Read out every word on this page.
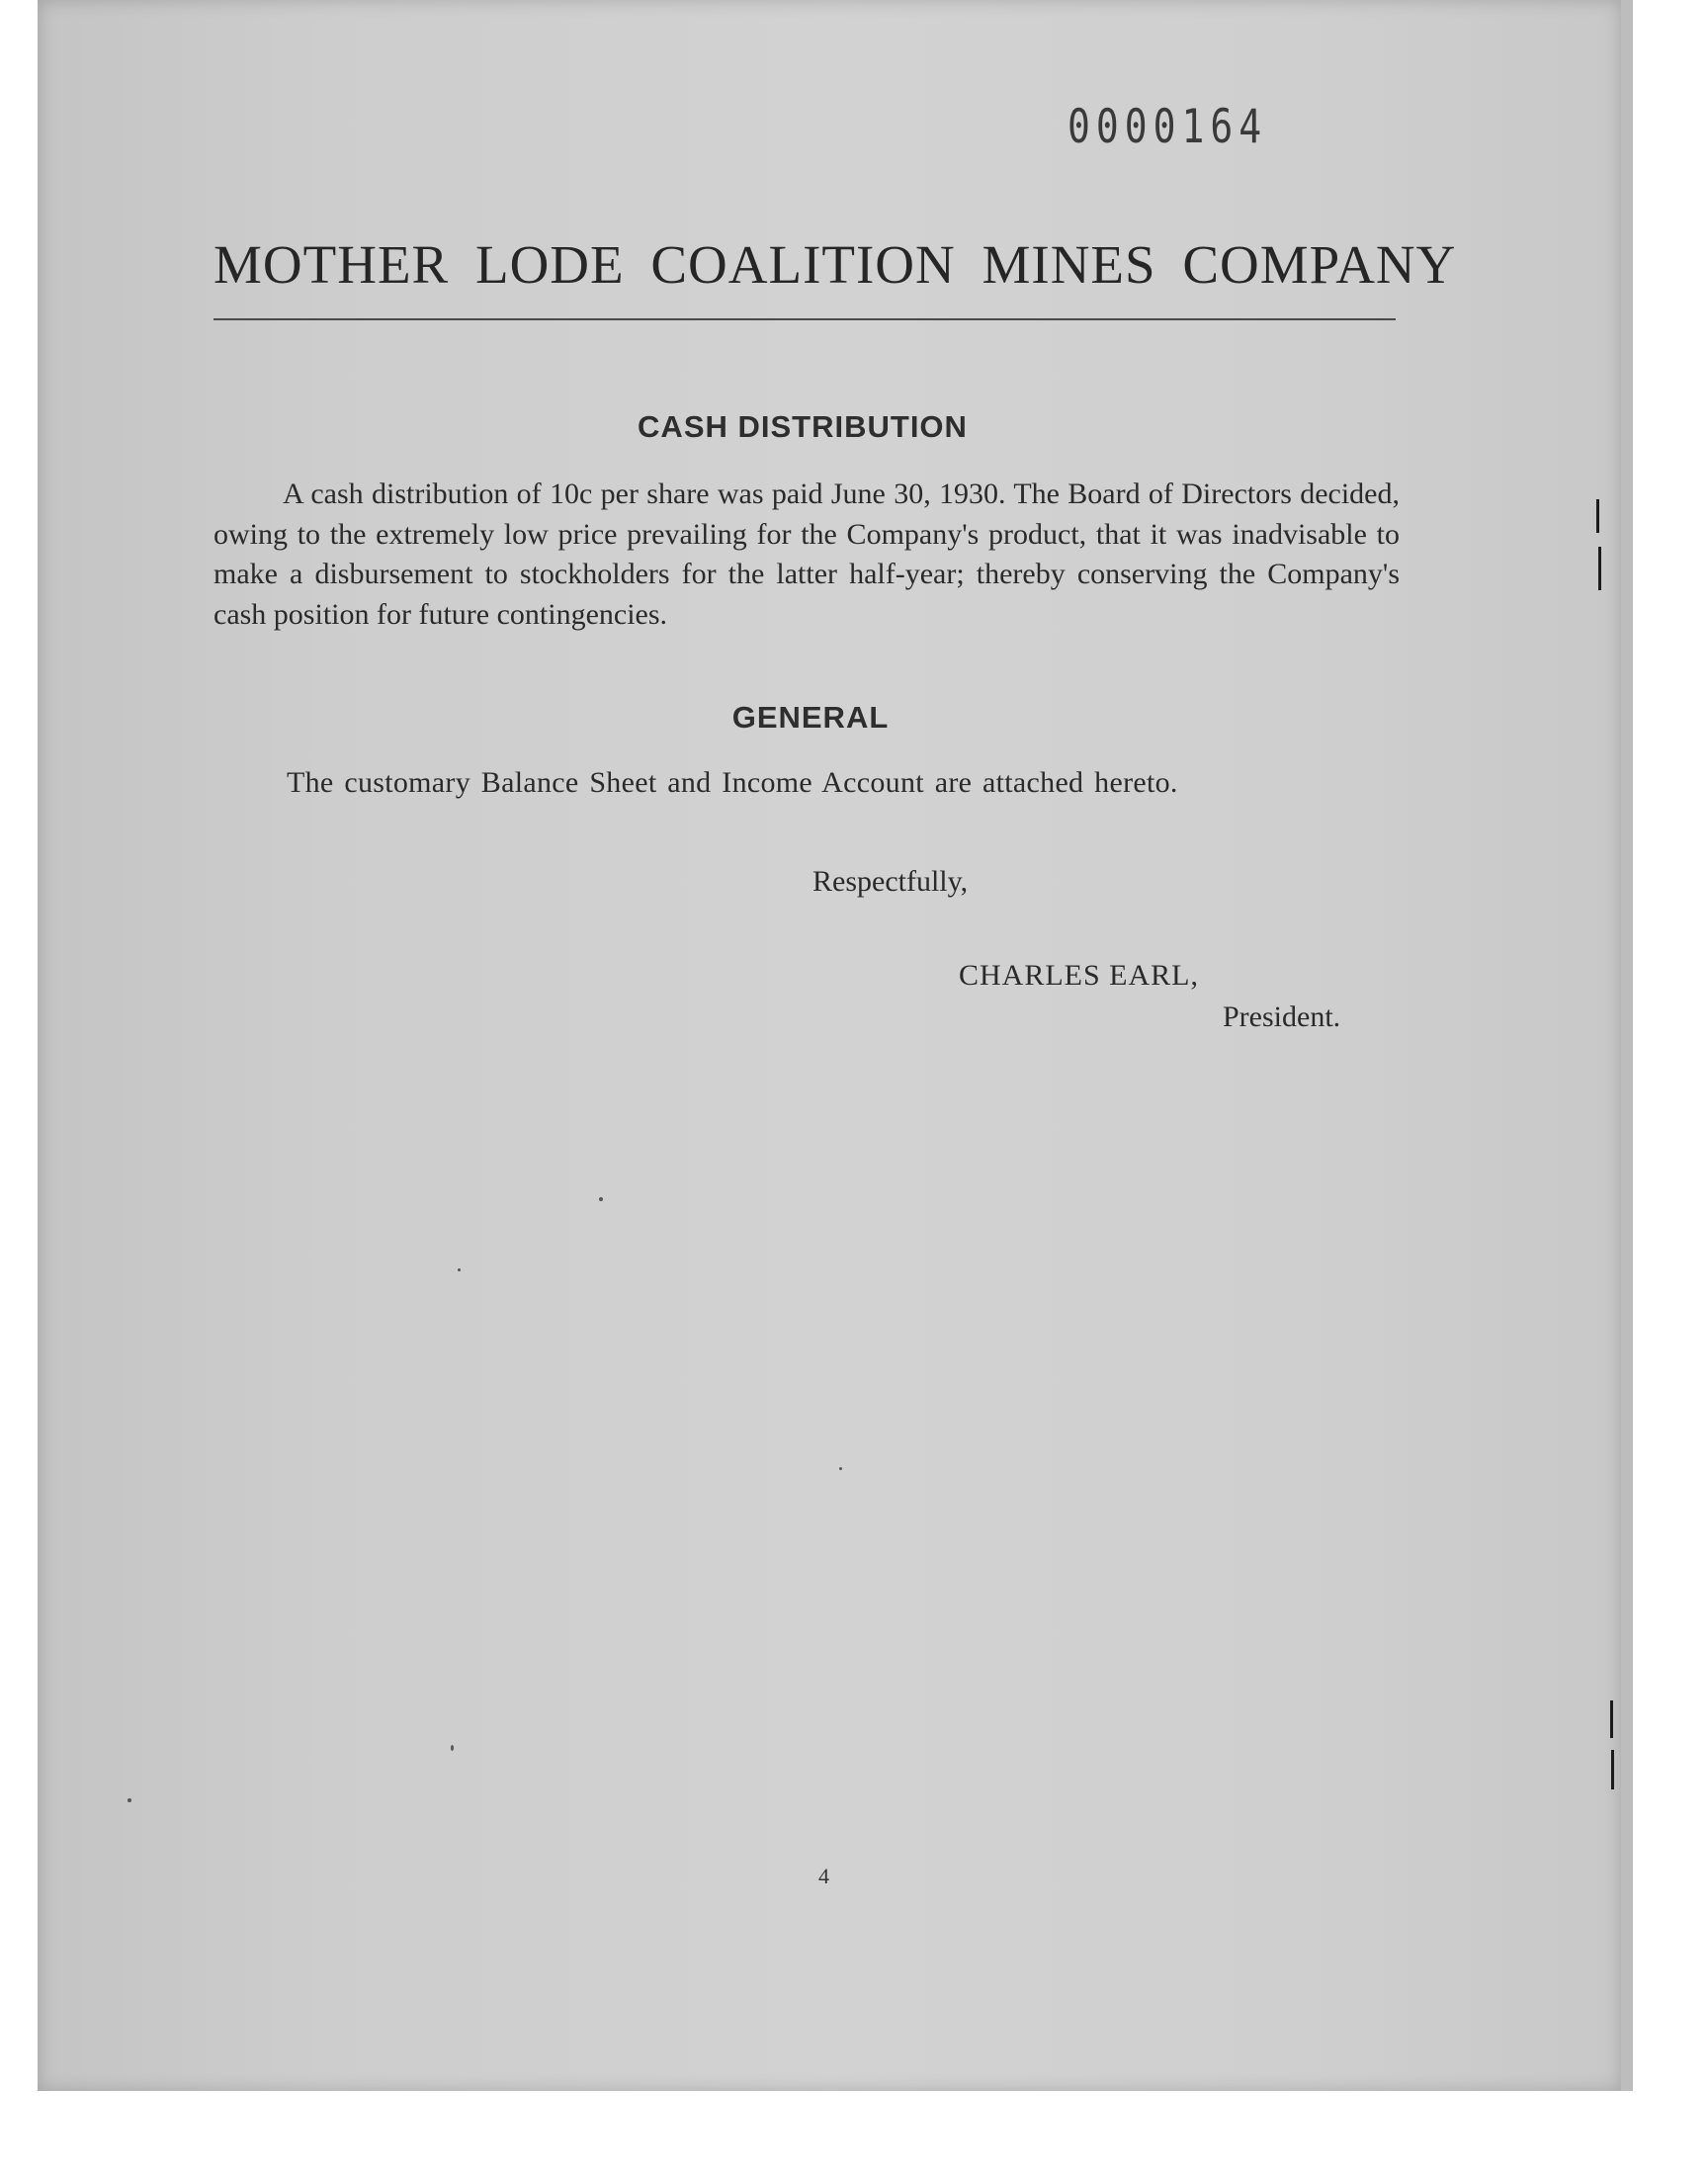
0000164
MOTHER LODE COALITION MINES COMPANY
CASH DISTRIBUTION

A cash distribution of 10c per share was paid June 30, 1930. The Board of Directors decided, owing to the extremely low price prevailing for the Company's product, that it was inadvisable to make a disbursement to stockholders for the latter half-year; thereby conserving the Company's cash position for future contingencies.

GENERAL
The customary Balance Sheet and Income Account are attached hereto.
Respectfully,
CHARLES EARL,
President.
4
